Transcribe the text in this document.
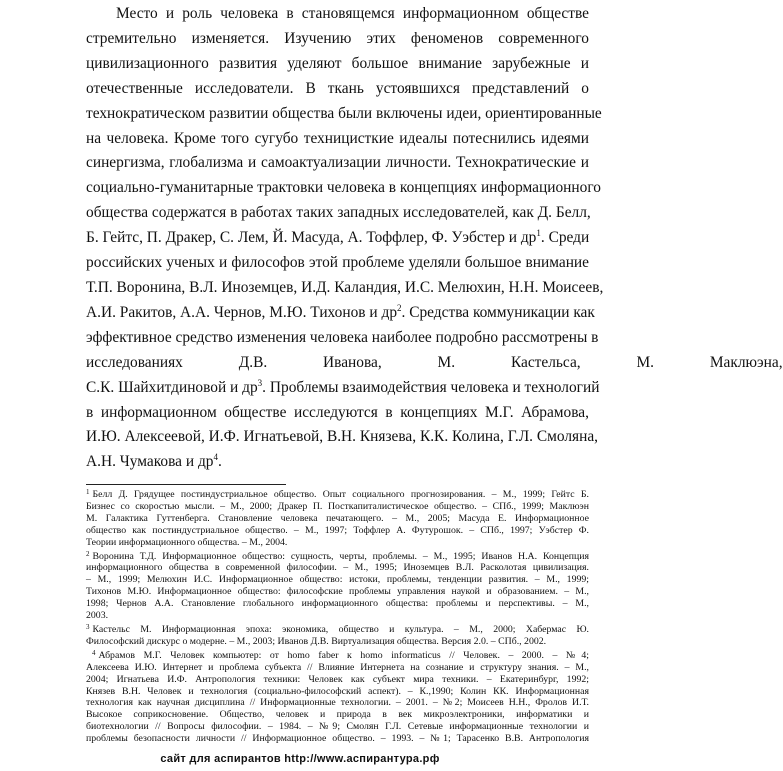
Место и роль человека в становящемся информационном обществе
стремительно изменяется. Изучению этих феноменов современного
цивилизационного развития уделяют большое внимание зарубежные и
отечественные исследователи. В ткань устоявшихся представлений о
технократическом развитии общества были включены идеи, ориентированные
на человека. Кроме того сугубо техницисткие идеалы потеснились идеями
синергизма, глобализма и самоактуализации личности. Технократические и
социально-гуманитарные трактовки человека в концепциях информационного
общества содержатся в работах таких западных исследователей, как Д. Белл,
Б. Гейтс, П. Дракер, С. Лем, Й. Масуда, А. Тоффлер, Ф. Уэбстер и $др^1$. Среди
российских ученых и философов этой проблеме уделяли большое внимание
Т.П. Воронина, В.Л. Иноземцев, И.Д. Каландия, И.С. Мелюхин, Н.Н. Моисеев,
А.И. Ракитов, А.А. Чернов, М.Ю. Тихонов и $др^2$. Средства коммуникации как
эффективное средство изменения человека наиболее подробно рассмотрены в
исследованиях Д.В. Иванова, М. Кастельса, М. Маклюэна,
С.К. Шайхитдиновой и $др^3$. Проблемы взаимодействия человека и технологий
в информационном обществе исследуются в концепциях М.Г. Абрамова,
И.Ю. Алексеевой, И.Ф. Игнатьевой, В.Н. Князева, К.К. Колина, Г.Л. Смоляна,
А.Н. Чумакова и $др^4$.
$^1$ Белл Д. Грядущее постиндустриальное общество. Опыт социального прогнозирования. – М., 1999; Гейтс Б.
Бизнес со скоростью мысли. – М., 2000; Дракер П. Посткапиталистическое общество. – СПб., 1999; Маклюэн
М. Галактика Гуттенберга. Становление человека печатающего. – М., 2005; Масуда Е. Информационное
общество как постиндустриальное общество. – М., 1997; Тоффлер А. Футурошок. – СПб., 1997; Уэбстер Ф.
Теории информационного общества. – М., 2004.
$^2$ Воронина Т.Д. Информационное общество: сущность, черты, проблемы. – М., 1995; Иванов Н.А. Концепция
информационного общества в современной философии. – М., 1995; Иноземцев В.Л. Расколотая цивилизация.
– М., 1999; Мелюхин И.С. Информационное общество: истоки, проблемы, тенденции развития. – М., 1999;
Тихонов М.Ю. Информационное общество: философские проблемы управления наукой и образованием. – М.,
1998; Чернов А.А. Становление глобального информационного общества: проблемы и перспективы. – М.,
2003.
$^3$ Кастельс М. Информационная эпоха: экономика, общество и культура. – М., 2000; Хабермас Ю.
Философский дискурс о модерне. – М., 2003; Иванов Д.В. Виртуализация общества. Версия 2.0. – СПб., 2002.
$^4$ Абрамов М.Г. Человек компьютер: от homo faber к homo informaticus // Человек. – 2000. – №4;
Алексеева И.Ю. Интернет и проблема субъекта // Влияние Интернета на сознание и структуру знания. – М.,
2004; Игнатьева И.Ф. Антропология техники: Человек как субъект мира техники. – Екатеринбург, 1992;
Князев В.Н. Человек и технология (социально-философский аспект). – К.,1990; Колин КК. Информационная
технология как научная дисциплина // Информационные технологии. – 2001. – №2; Моисеев Н.Н., Фролов И.Т.
Высокое соприкосновение. Общество, человек и природа в век микроэлектроники, информатики и
биотехнологии // Вопросы философии. – 1984. – №9; Смолян Г.Л. Сетевые информационные технологии и
проблемы безопасности личности // Информационное общество. – 1993. – №1; Тарасенко В.В. Антропология
сайт для аспирантов http://www.аспирантура.рф
